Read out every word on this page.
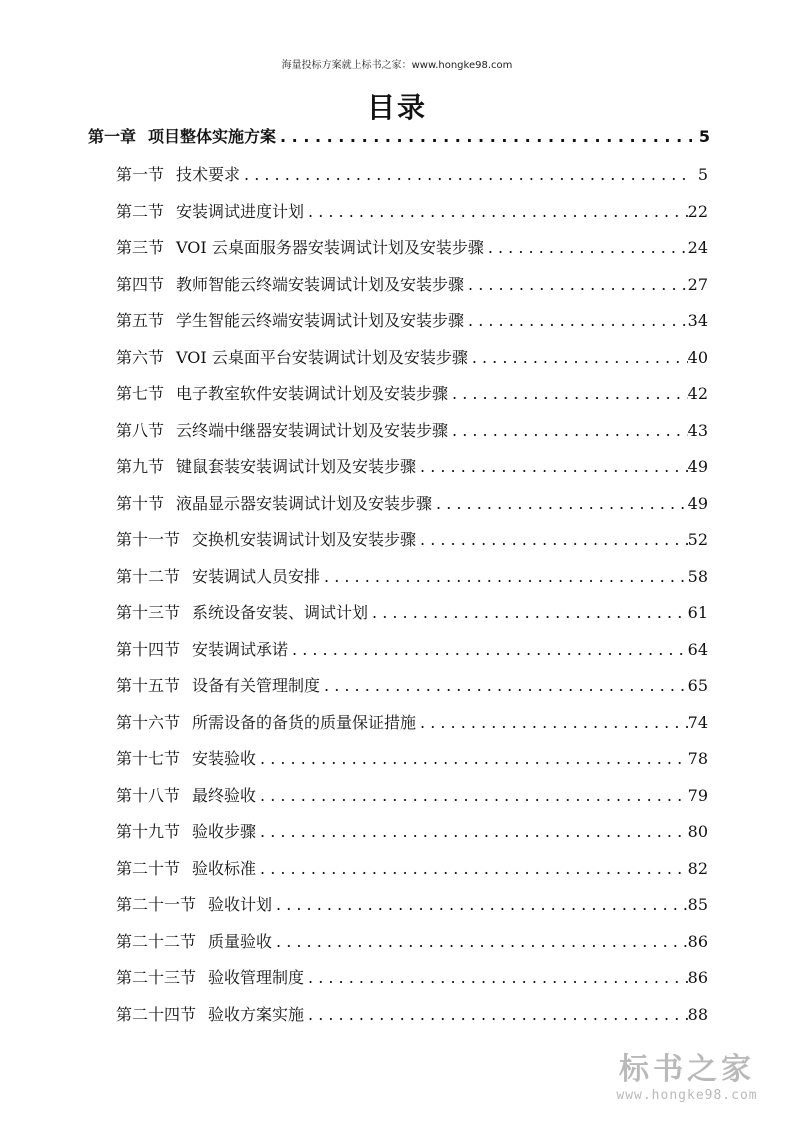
海量投标方案就上标书之家：www.hongke98.com
目录
第一章 项目整体实施方案 . . .	5
第一节 技术要求 . . .	5
第二节 安装调试进度计划 . . .	22
第三节 VOI 云桌面服务器安装调试计划及安装步骤 . . .	24
第四节 教师智能云终端安装调试计划及安装步骤 . . .	27
第五节 学生智能云终端安装调试计划及安装步骤 . . .	34
第六节 VOI 云桌面平台安装调试计划及安装步骤 . . .	40
第七节 电子教室软件安装调试计划及安装步骤 . . .	42
第八节 云终端中继器安装调试计划及安装步骤 . . .	43
第九节 键鼠套装安装调试计划及安装步骤 . . .	49
第十节 液晶显示器安装调试计划及安装步骤 . . .	49
第十一节 交换机安装调试计划及安装步骤 . . .	52
第十二节 安装调试人员安排 . . .	58
第十三节 系统设备安装、调试计划 . . .	61
第十四节 安装调试承诺 . . .	64
第十五节 设备有关管理制度 . . .	65
第十六节 所需设备的备货的质量保证措施 . . .	74
第十七节 安装验收 . . .	78
第十八节 最终验收 . . .	79
第十九节 验收步骤 . . .	80
第二十节 验收标准 . . .	82
第二十一节 验收计划 . . .	85
第二十二节 质量验收 . . .	86
第二十三节 验收管理制度 . . .	86
第二十四节 验收方案实施 . . .	88
标书之家
www.hongke98.com
